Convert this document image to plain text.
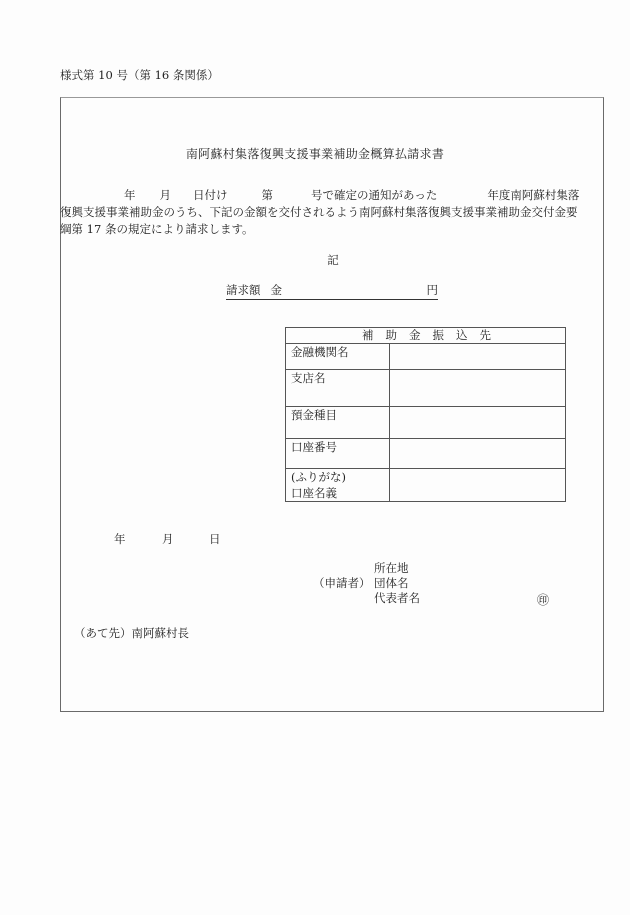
様式第 10 号（第 16 条関係）
南阿蘇村集落復興支援事業補助金概算払請求書
年 月 日付け	第	号で確定の通知があった	年度南阿蘇村集落
復興支援事業補助金のうち、下記の金額を交付されるよう南阿蘇村集落復興支援事業補助金交付金要
綱第 17 条の規定により請求します。
記
請求額 金	円
補助金振込先	
金融機関名	
支店名	
預金種目	
口座番号	

(ふりがな)
口座名義	

年	月	日
（申請者）
所在地
団体名
代表者名	㊞
（あて先）南阿蘇村長
